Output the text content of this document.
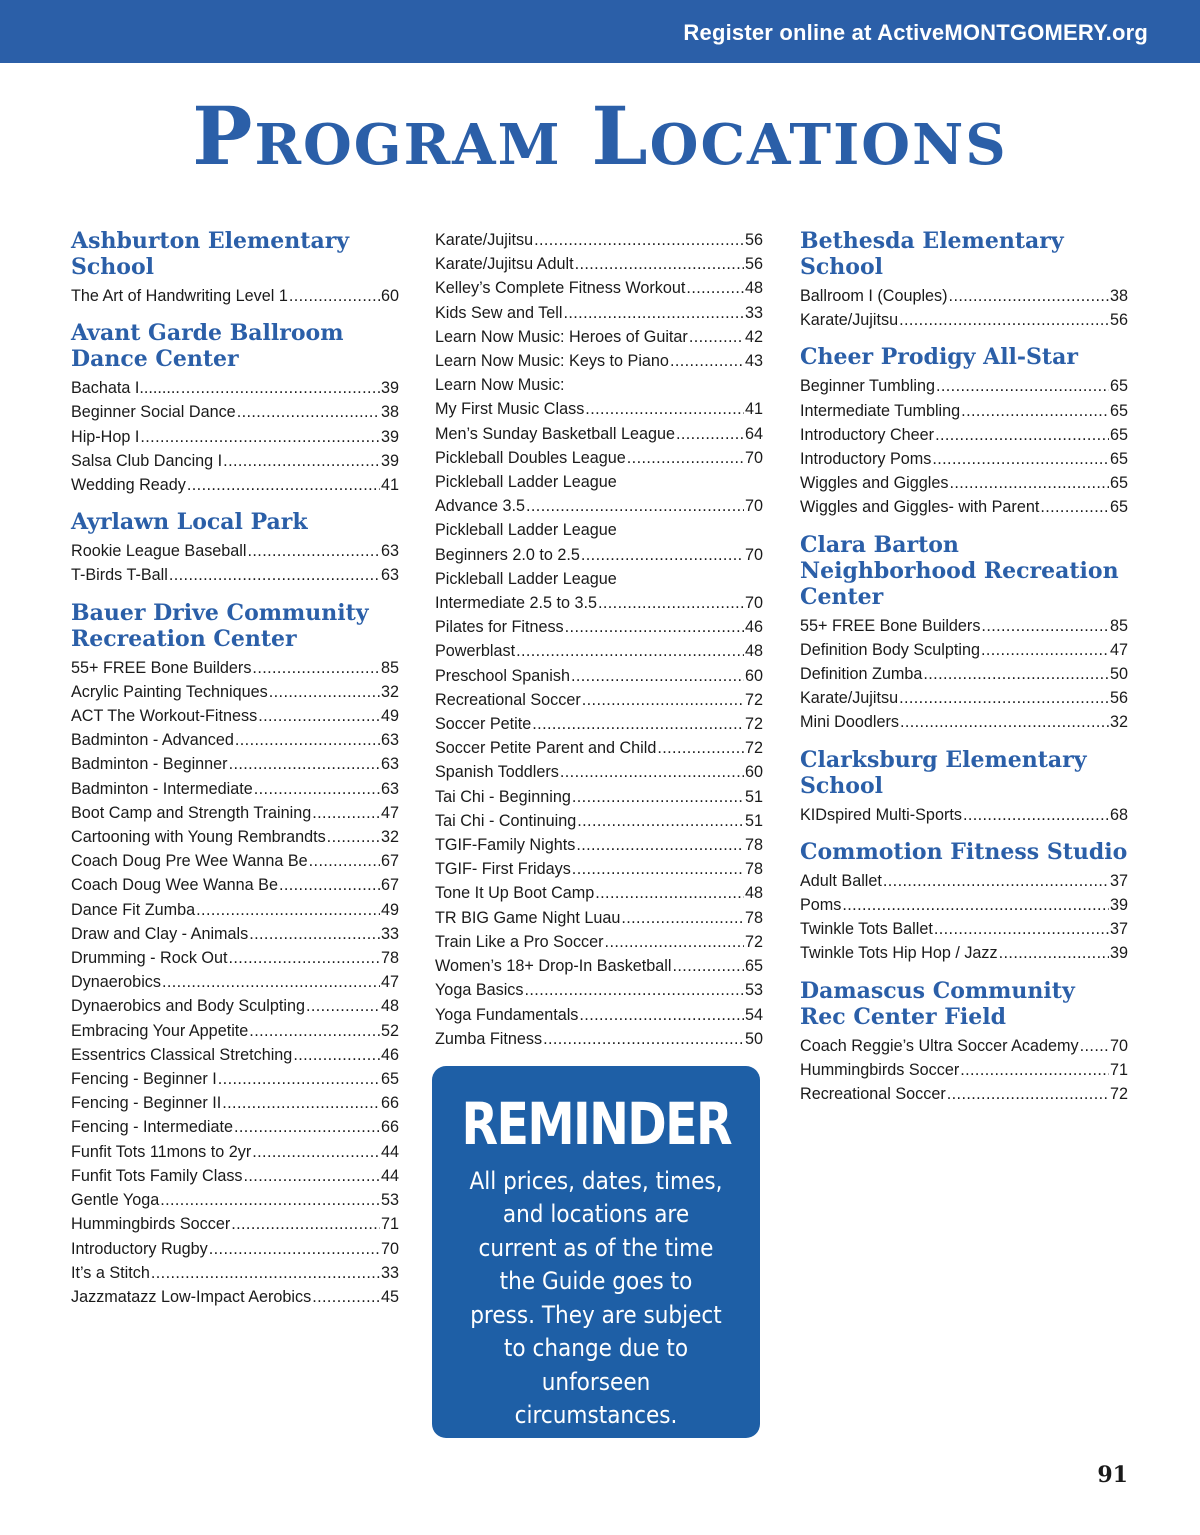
Register online at ActiveMONTGOMERY.org
Program Locations
Ashburton Elementary School
The Art of Handwriting Level 1 .....	60
Avant Garde Ballroom Dance Center
Bachata I......... .....	39
Beginner Social Dance .....	38
Hip-Hop I .....	39
Salsa Club Dancing I .....	39
Wedding Ready .....	41
Ayrlawn Local Park
Rookie League Baseball .....	63
T-Birds T-Ball .....	63
Bauer Drive Community Recreation Center
55+ FREE Bone Builders .....	85
Acrylic Painting Techniques .....	32
ACT The Workout-Fitness .....	49
Badminton - Advanced .....	63
Badminton - Beginner .....	63
Badminton - Intermediate .....	63
Boot Camp and Strength Training .....	47
Cartooning with Young Rembrandts .....	32
Coach Doug Pre Wee Wanna Be .....	67
Coach Doug Wee Wanna Be .....	67
Dance Fit Zumba .....	49
Draw and Clay - Animals .....	33
Drumming - Rock Out .....	78
Dynaerobics .....	47
Dynaerobics and Body Sculpting .....	48
Embracing Your Appetite .....	52
Essentrics Classical Stretching .....	46
Fencing - Beginner I .....	65
Fencing - Beginner II .....	66
Fencing - Intermediate .....	66
Funfit Tots 11mons to 2yr .....	44
Funfit Tots Family Class .....	44
Gentle Yoga .....	53
Hummingbirds Soccer .....	71
Introductory Rugby .....	70
It’s a Stitch .....	33
Jazzmatazz Low-Impact Aerobics .....	45
Karate/Jujitsu .....	56
Karate/Jujitsu Adult .....	56
Kelley’s Complete Fitness Workout .....	48
Kids Sew and Tell .....	33
Learn Now Music: Heroes of Guitar .....	42
Learn Now Music: Keys to Piano .....	43
Learn Now Music:
My First Music Class .....	41
Men’s Sunday Basketball League .....	64
Pickleball Doubles League .....	70
Pickleball Ladder League
Advance 3.5 .....	70
Pickleball Ladder League
Beginners 2.0 to 2.5 .....	70
Pickleball Ladder League
Intermediate 2.5 to 3.5 .....	70
Pilates for Fitness .....	46
Powerblast .....	48
Preschool Spanish .....	60
Recreational Soccer .....	72
Soccer Petite .....	72
Soccer Petite Parent and Child .....	72
Spanish Toddlers .....	60
Tai Chi - Beginning .....	51
Tai Chi - Continuing .....	51
TGIF-Family Nights .....	78
TGIF- First Fridays .....	78
Tone It Up Boot Camp .....	48
TR BIG Game Night Luau .....	78
Train Like a Pro Soccer .....	72
Women’s 18+ Drop-In Basketball .....	65
Yoga Basics .....	53
Yoga Fundamentals .....	54
Zumba Fitness .....	50
Bethesda Elementary School
Ballroom I (Couples) .....	38
Karate/Jujitsu .....	56
Cheer Prodigy All-Star
Beginner Tumbling .....	65
Intermediate Tumbling .....	65
Introductory Cheer .....	65
Introductory Poms .....	65
Wiggles and Giggles .....	65
Wiggles and Giggles- with Parent .....	65
Clara Barton Neighborhood Recreation Center
55+ FREE Bone Builders .....	85
Definition Body Sculpting .....	47
Definition Zumba .....	50
Karate/Jujitsu .....	56
Mini Doodlers .....	32
Clarksburg Elementary School
KIDspired Multi-Sports .....	68
Commotion Fitness Studio
Adult Ballet .....	37
Poms .....	39
Twinkle Tots Ballet .....	37
Twinkle Tots Hip Hop / Jazz .....	39
Damascus Community Rec Center Field
Coach Reggie’s Ultra Soccer Academy ..... 70
Hummingbirds Soccer .....	71
Recreational Soccer .....	72
REMINDER
All prices, dates, times, and locations are current as of the time the Guide goes to press. They are subject to change due to unforseen circumstances.
91
